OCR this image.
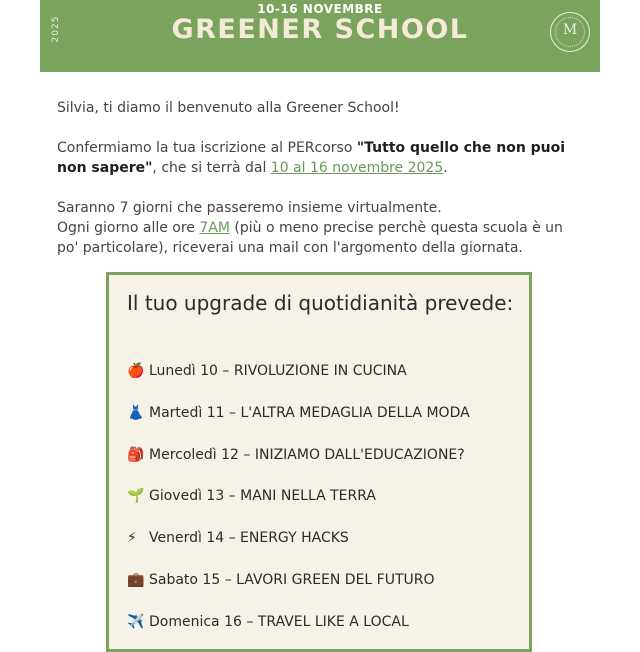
2025
10-16 NOVEMBRE
GREENER SCHOOL	M
Silvia, ti diamo il benvenuto alla Greener School!
Confermiamo la tua iscrizione al PERcorso "Tutto quello che non puoi non sapere", che si terrà dal 10 al 16 novembre 2025.
Saranno 7 giorni che passeremo insieme virtualmente.
Ogni giorno alle ore 7AM (più o meno precise perchè questa scuola è un po' particolare), riceverai una mail con l'argomento della giornata.
Il tuo upgrade di quotidianità prevede:
🍎 Lunedì 10 – RIVOLUZIONE IN CUCINA
👗 Martedì 11 – L'ALTRA MEDAGLIA DELLA MODA
🎒 Mercoledì 12 – INIZIAMO DALL'EDUCAZIONE?
🌱 Giovedì 13 – MANI NELLA TERRA
⚡ Venerdì 14 – ENERGY HACKS
💼 Sabato 15 – LAVORI GREEN DEL FUTURO
✈️ Domenica 16 – TRAVEL LIKE A LOCAL
